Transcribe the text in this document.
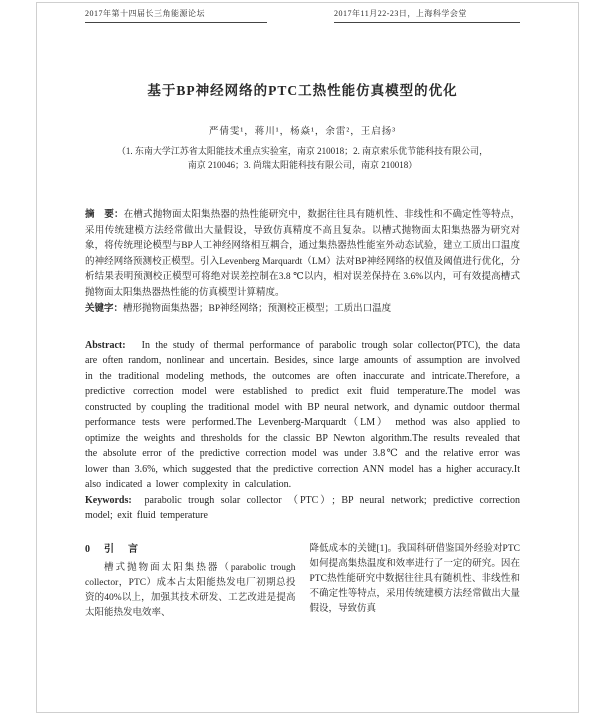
2017年第十四届长三角能源论坛	2017年11月22-23日，上海科学会堂
基于BP神经网络的PTC工热性能仿真模型的优化
严倩雯¹，蒋川¹，杨焱¹，余雷²，王启扬³
（1. 东南大学江苏省太阳能技术重点实验室，南京 210018；2. 南京索乐优节能科技有限公司，南京 210046；3. 尚瑞太阳能科技有限公司，南京 210018）

摘　要：在槽式抛物面太阳集热器的热性能研究中，数据往往具有随机性、非线性和不确定性等特点，采用传统建模方法经常做出大量假设，导致仿真精度不高且复杂。以槽式抛物面太阳集热器为研究对象，将传统理论模型与BP人工神经网络相互耦合，通过集热器热性能室外动态试验，建立工质出口温度的神经网络预测校正模型。引入Levenberg Marquardt（LM）法对BP神经网络的权值及阈值进行优化，分析结果表明预测校正模型可将绝对误差控制在3.8 ℃以内，相对误差保持在 3.6%以内，可有效提高槽式抛物面太阳集热器热性能的仿真模型计算精度。

关键字：槽形抛物面集热器；BP神经网络；预测校正模型；工质出口温度

Abstract: In the study of thermal performance of parabolic trough solar collector(PTC), the data are often random, nonlinear and uncertain. Besides, since large amounts of assumption are involved in the traditional modeling methods, the outcomes are often inaccurate and intricate.Therefore, a predictive correction model were established to predict exit fluid temperature.The model was constructed by coupling the traditional model with BP neural network, and dynamic outdoor thermal performance tests were performed.The Levenberg-Marquardt（LM） method was also applied to optimize the weights and thresholds for the classic BP Newton algorithm.The results revealed that the absolute error of the predictive correction model was under 3.8℃ and the relative error was lower than 3.6%, which suggested that the predictive correction ANN model has a higher accuracy.It also indicated a lower complexity in calculation.

Keywords: parabolic trough solar collector （PTC）; BP neural network; predictive correction model; exit fluid temperature

0　引　言

槽式抛物面太阳集热器（parabolic trough collector，PTC）成本占太阳能热发电厂初期总投资的40%以上，加强其技术研发、工艺改进是提高太阳能热发电效率、

降低成本的关键[1]。我国科研借鉴国外经验对PTC如何提高集热温度和效率进行了一定的研究。因在PTC热性能研究中数据往往具有随机性、非线性和不确定性等特点，采用传统建模方法经常做出大量假设，导致仿真
